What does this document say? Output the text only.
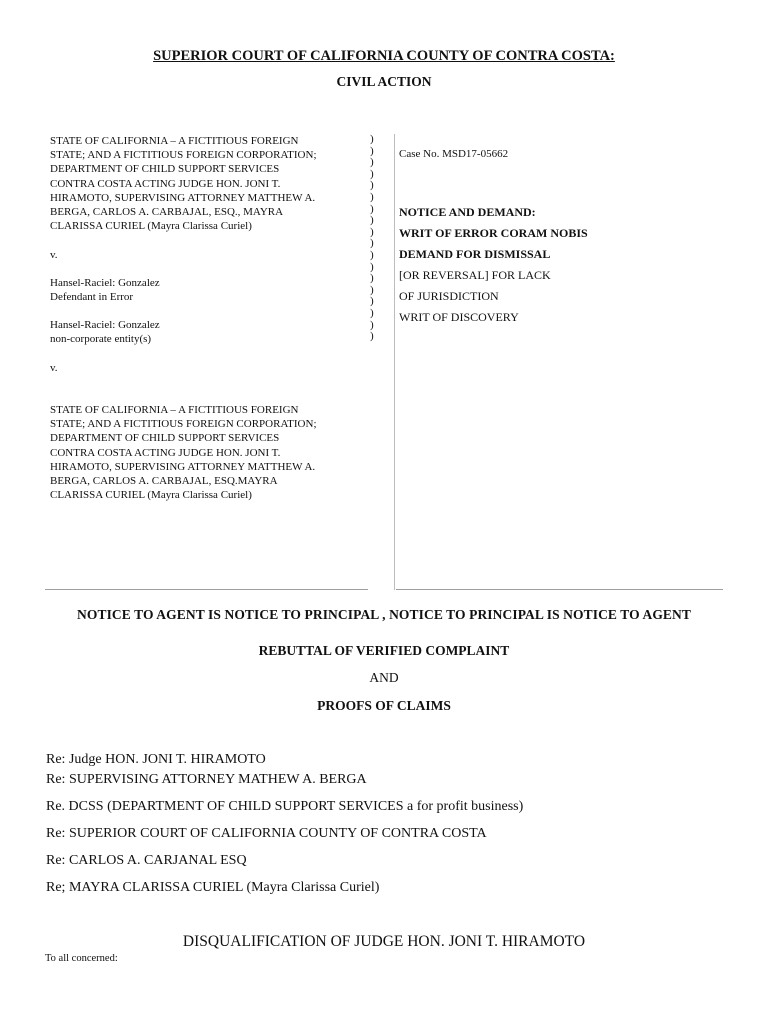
SUPERIOR COURT OF CALIFORNIA COUNTY OF CONTRA COSTA:
CIVIL ACTION
STATE OF CALIFORNIA – A FICTITIOUS FOREIGN
STATE; AND A FICTITIOUS FOREIGN CORPORATION;
DEPARTMENT OF CHILD SUPPORT SERVICES
CONTRA COSTA ACTING JUDGE HON. JONI T.
HIRAMOTO, SUPERVISING ATTORNEY MATTHEW A.
BERGA, CARLOS A. CARBAJAL, ESQ., MAYRA
CLARISSA CURIEL (Mayra Clarissa Curiel)
v.
Hansel-Raciel: Gonzalez
Defendant in Error
Hansel-Raciel: Gonzalez
non-corporate entity(s)
v.
STATE OF CALIFORNIA – A FICTITIOUS FOREIGN
STATE; AND A FICTITIOUS FOREIGN CORPORATION;
DEPARTMENT OF CHILD SUPPORT SERVICES
CONTRA COSTA ACTING JUDGE HON. JONI T.
HIRAMOTO, SUPERVISING ATTORNEY MATTHEW A.
BERGA, CARLOS A. CARBAJAL, ESQ.MAYRA
CLARISSA CURIEL (Mayra Clarissa Curiel)
)
)
)
)
)
)
)
)
)
)
)
)
)
)
)
)
)
)
Case No. MSD17-05662
NOTICE AND DEMAND:
WRIT OF ERROR CORAM NOBIS
DEMAND FOR DISMISSAL
[OR REVERSAL] FOR LACK
OF JURISDICTION
WRIT OF DISCOVERY
NOTICE TO AGENT IS NOTICE TO PRINCIPAL , NOTICE TO PRINCIPAL IS NOTICE TO AGENT
REBUTTAL OF VERIFIED COMPLAINT
AND
PROOFS OF CLAIMS
Re: Judge HON. JONI T. HIRAMOTO
Re: SUPERVISING ATTORNEY MATHEW A. BERGA
Re. DCSS (DEPARTMENT OF CHILD SUPPORT SERVICES a for profit business)
Re: SUPERIOR COURT OF CALIFORNIA COUNTY OF CONTRA COSTA
Re: CARLOS A. CARJANAL ESQ
Re; MAYRA CLARISSA CURIEL (Mayra Clarissa Curiel)
DISQUALIFICATION OF JUDGE HON. JONI T. HIRAMOTO
To all concerned:
